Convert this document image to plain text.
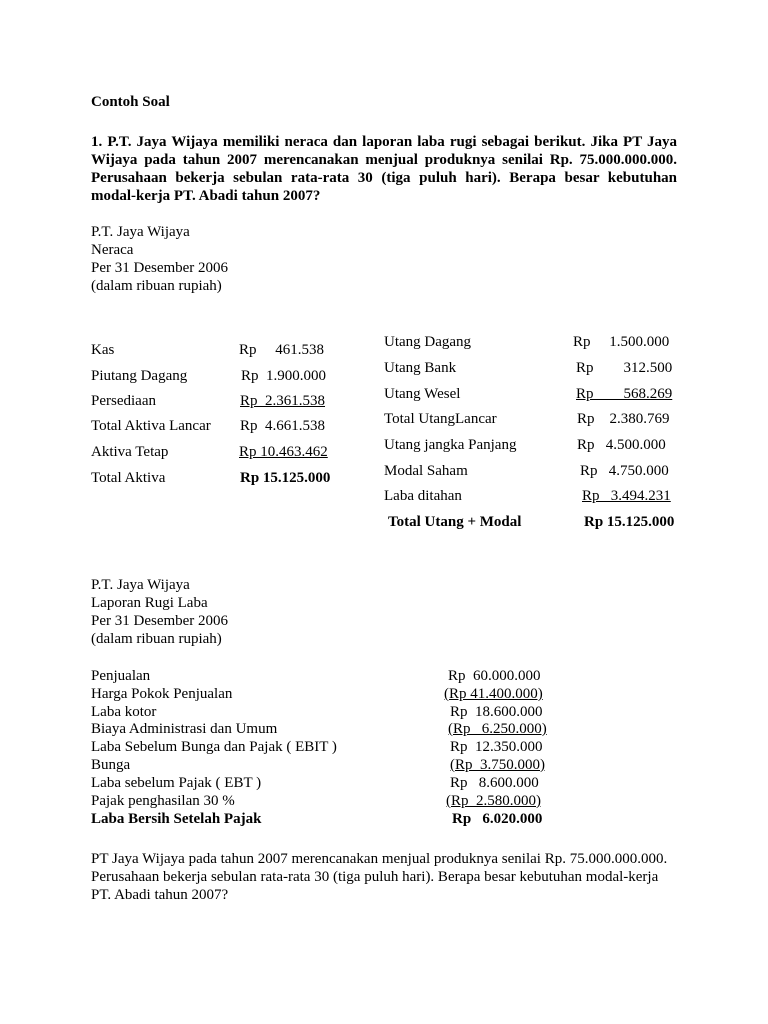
Contoh Soal
1. P.T. Jaya Wijaya memiliki neraca dan laporan laba rugi sebagai berikut. Jika PT Jaya Wijaya pada tahun 2007 merencanakan menjual produknya senilai Rp. 75.000.000.000. Perusahaan bekerja sebulan rata-rata 30 (tiga puluh hari). Berapa besar kebutuhan modal-kerja PT. Abadi tahun 2007?
P.T. Jaya Wijaya
Neraca
Per 31 Desember 2006
(dalam ribuan rupiah)
Kas	Rp     461.538
Piutang Dagang	Rp  1.900.000
Persediaan	Rp  2.361.538
Total Aktiva Lancar Rp  4.661.538
Aktiva Tetap	Rp 10.463.462
Total Aktiva	Rp 15.125.000
Utang Dagang	Rp     1.500.000
Utang Bank	Rp        312.500
Utang Wesel	Rp        568.269
Total UtangLancar	Rp    2.380.769
Utang jangka Panjang	Rp   4.500.000
Modal Saham	Rp   4.750.000
Laba ditahan	Rp   3.494.231
Total Utang + Modal	Rp 15.125.000
P.T. Jaya Wijaya
Laporan Rugi Laba
Per 31 Desember 2006
(dalam ribuan rupiah)
Penjualan	Rp  60.000.000
Harga Pokok Penjualan	(Rp 41.400.000)
Laba kotor	Rp  18.600.000
Biaya Administrasi dan Umum	(Rp   6.250.000)
Laba Sebelum Bunga dan Pajak ( EBIT )	Rp  12.350.000
Bunga	(Rp  3.750.000)
Laba sebelum Pajak ( EBT )	Rp   8.600.000
Pajak penghasilan 30 %	(Rp  2.580.000)
Laba Bersih Setelah Pajak	Rp   6.020.000
PT Jaya Wijaya pada tahun 2007 merencanakan menjual produknya senilai Rp. 75.000.000.000. Perusahaan bekerja sebulan rata-rata 30 (tiga puluh hari). Berapa besar kebutuhan modal-kerja PT. Abadi tahun 2007?
